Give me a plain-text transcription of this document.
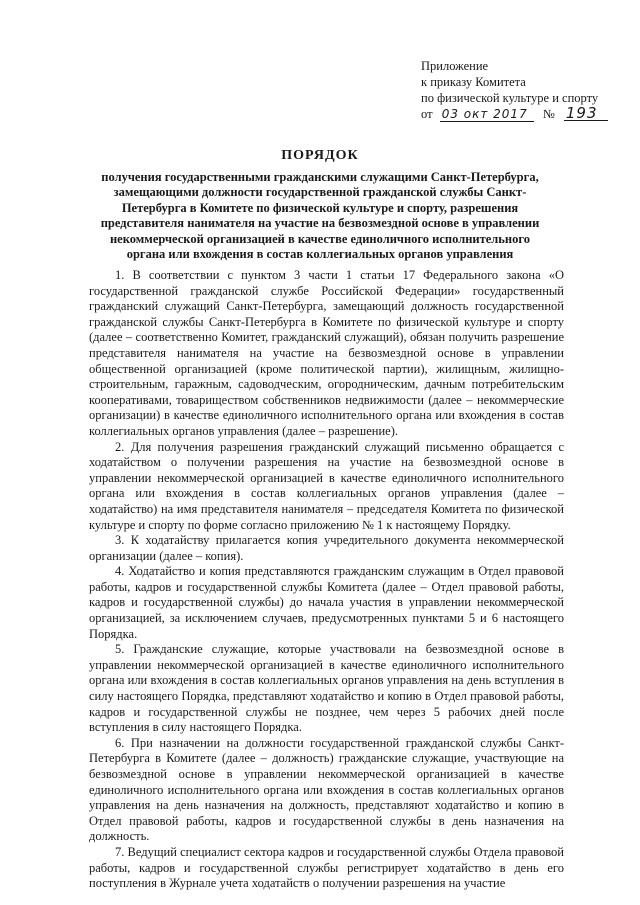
Приложение
к приказу Комитета
по физической культуре и спорту
от 03 окт 2017 № 193
ПОРЯДОК
получения государственными гражданскими служащими Санкт-Петербурга, замещающими должности государственной гражданской службы Санкт-Петербурга в Комитете по физической культуре и спорту, разрешения представителя нанимателя на участие на безвозмездной основе в управлении некоммерческой организацией в качестве единоличного исполнительного органа или вхождения в состав коллегиальных органов управления

1. В соответствии с пунктом 3 части 1 статьи 17 Федерального закона «О государственной гражданской службе Российской Федерации» государственный гражданский служащий Санкт-Петербурга, замещающий должность государственной гражданской службы Санкт-Петербурга в Комитете по физической культуре и спорту (далее – соответственно Комитет, гражданский служащий), обязан получить разрешение представителя нанимателя на участие на безвозмездной основе в управлении общественной организацией (кроме политической партии), жилищным, жилищно-строительным, гаражным, садоводческим, огородническим, дачным потребительским кооперативами, товариществом собственников недвижимости (далее – некоммерческие организации) в качестве единоличного исполнительного органа или вхождения в состав коллегиальных органов управления (далее – разрешение).

2. Для получения разрешения гражданский служащий письменно обращается с ходатайством о получении разрешения на участие на безвозмездной основе в управлении некоммерческой организацией в качестве единоличного исполнительного органа или вхождения в состав коллегиальных органов управления (далее – ходатайство) на имя представителя нанимателя – председателя Комитета по физической культуре и спорту по форме согласно приложению № 1 к настоящему Порядку.

3. К ходатайству прилагается копия учредительного документа некоммерческой организации (далее – копия).

4. Ходатайство и копия представляются гражданским служащим в Отдел правовой работы, кадров и государственной службы Комитета (далее – Отдел правовой работы, кадров и государственной службы) до начала участия в управлении некоммерческой организацией, за исключением случаев, предусмотренных пунктами 5 и 6 настоящего Порядка.

5. Гражданские служащие, которые участвовали на безвозмездной основе в управлении некоммерческой организацией в качестве единоличного исполнительного органа или вхождения в состав коллегиальных органов управления на день вступления в силу настоящего Порядка, представляют ходатайство и копию в Отдел правовой работы, кадров и государственной службы не позднее, чем через 5 рабочих дней после вступления в силу настоящего Порядка.

6. При назначении на должности государственной гражданской службы Санкт-Петербурга в Комитете (далее – должность) гражданские служащие, участвующие на безвозмездной основе в управлении некоммерческой организацией в качестве единоличного исполнительного органа или вхождения в состав коллегиальных органов управления на день назначения на должность, представляют ходатайство и копию в Отдел правовой работы, кадров и государственной службы в день назначения на должность.

7. Ведущий специалист сектора кадров и государственной службы Отдела правовой работы, кадров и государственной службы регистрирует ходатайство в день его поступления в Журнале учета ходатайств о получении разрешения на участие
